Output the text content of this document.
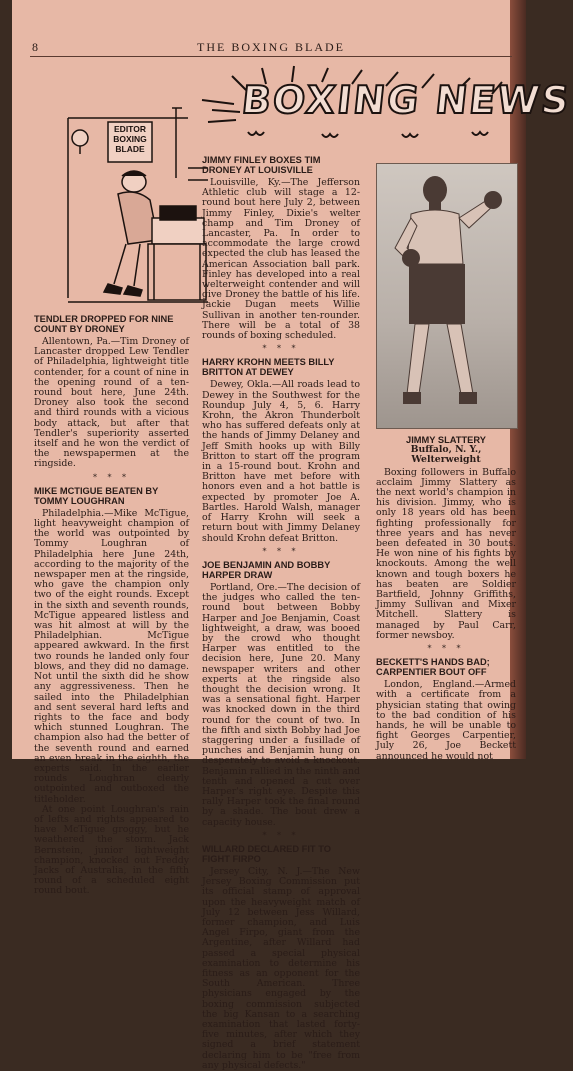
8	THE BOXING BLADE
BOXING NEWS
EDITOR
BOXING
BLADE
TENDLER DROPPED FOR NINE COUNT BY DRONEY

Allentown, Pa.—Tim Droney of Lancaster dropped Lew Tendler of Philadelphia, lightweight title contender, for a count of nine in the opening round of a ten-round bout here, June 24th. Droney also took the second and third rounds with a vicious body attack, but after that Tendler's superiority asserted itself and he won the verdict of the newspapermen at the ringside.

* * *
MIKE MCTIGUE BEATEN BY TOMMY LOUGHRAN

Philadelphia.—Mike McTigue, light heavyweight champion of the world was outpointed by Tommy Loughran of Philadelphia here June 24th, according to the majority of the newspaper men at the ringside, who gave the champion only two of the eight rounds. Except in the sixth and seventh rounds, McTigue appeared listless and was hit almost at will by the Philadelphian. McTigue appeared awkward. In the first two rounds he landed only four blows, and they did no damage. Not until the sixth did he show any aggressiveness. Then he sailed into the Philadelphian and sent several hard lefts and rights to the face and body which stunned Loughran. The champion also had the better of the seventh round and earned an even break in the eighth, the experts said. In the earlier rounds Loughran clearly outpointed and outboxed the titleholder.

At one point Loughran's rain of lefts and rights appeared to have McTigue groggy, but he weathered the storm. Jack Bernstein, junior lightweight champion, knocked out Freddy Jacks of Australia, in the fifth round of a scheduled eight round bout.

JIMMY FINLEY BOXES TIM DRONEY AT LOUISVILLE

Louisville, Ky.—The Jefferson Athletic club will stage a 12-round bout here July 2, between Jimmy Finley, Dixie's welter champ and Tim Droney of Lancaster, Pa. In order to accommodate the large crowd expected the club has leased the American Association ball park. Finley has developed into a real welterweight contender and will give Droney the battle of his life. Jackie Dugan meets Willie Sullivan in another ten-rounder. There will be a total of 38 rounds of boxing scheduled.

* * *
HARRY KROHN MEETS BILLY BRITTON AT DEWEY

Dewey, Okla.—All roads lead to Dewey in the Southwest for the Roundup July 4, 5, 6. Harry Krohn, the Akron Thunderbolt who has suffered defeats only at the hands of Jimmy Delaney and Jeff Smith hooks up with Billy Britton to start off the program in a 15-round bout. Krohn and Britton have met before with honors even and a hot battle is expected by promoter Joe A. Bartles. Harold Walsh, manager of Harry Krohn will seek a return bout with Jimmy Delaney should Krohn defeat Britton.

* * *
JOE BENJAMIN AND BOBBY HARPER DRAW

Portland, Ore.—The decision of the judges who called the ten-round bout between Bobby Harper and Joe Benjamin, Coast lightweight, a draw, was booed by the crowd who thought Harper was entitled to the decision here, June 20. Many newspaper writers and other experts at the ringside also thought the decision wrong. It was a sensational fight. Harper was knocked down in the third round for the count of two. In the fifth and sixth Bobby had Joe staggering under a fusillade of punches and Benjamin hung on desperately to avoid a knockout. Benjamin rallied in the ninth and tenth and opened a cut over Harper's right eye. Despite this rally Harper took the final round by a shade. The bout drew a capacity house.

* * *
WILLARD DECLARED FIT TO FIGHT FIRPO

Jersey City, N. J.—The New Jersey Boxing Commission put its official stamp of approval upon the heavyweight match of July 12 between Jess Willard, former champion, and Luis Angel Firpo, giant from the Argentine, after Willard had passed a special physical examination to determine his fitness as an opponent for the South American. Three physicians engaged by the boxing commission subjected the big Kansan to a searching examination that lasted forty-five minutes, after which they signed a brief statement declaring him to be "free from any physical defects."

JIMMY SLATTERY
Buffalo, N. Y., Welterweight

Boxing followers in Buffalo acclaim Jimmy Slattery as the next world's champion in his division. Jimmy, who is only 18 years old has been fighting professionally for three years and has never been defeated in 30 bouts. He won nine of his fights by knockouts. Among the well known and tough boxers he has beaten are Soldier Bartfield, Johnny Griffiths, Jimmy Sullivan and Mixer Mitchell. Slattery is managed by Paul Carr, former newsboy.

* * *
BECKETT'S HANDS BAD; CARPENTIER BOUT OFF

London, England.—Armed with a certificate from a physician stating that owing to the bad condition of his hands, he will be unable to fight Georges Carpentier, July 26, Joe Beckett announced he would not
